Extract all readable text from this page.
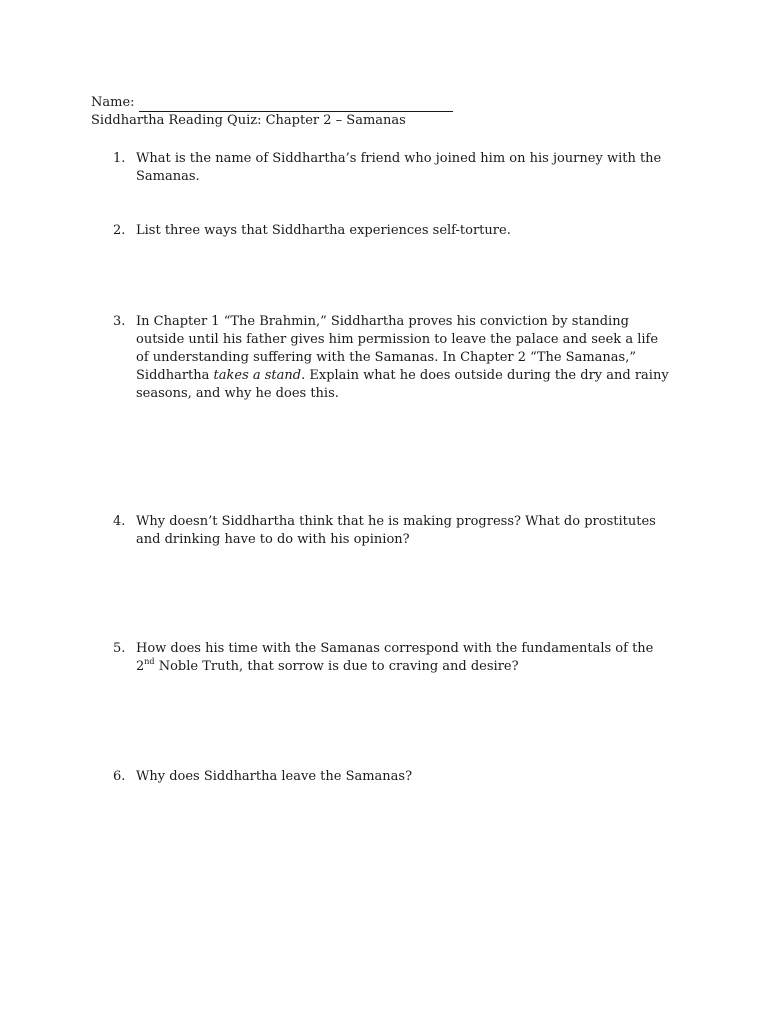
Name:
Siddhartha Reading Quiz: Chapter 2 – Samanas
1. What is the name of Siddhartha’s friend who joined him on his journey with the Samanas.
2. List three ways that Siddhartha experiences self-torture.
3. In Chapter 1 “The Brahmin,” Siddhartha proves his conviction by standing outside until his father gives him permission to leave the palace and seek a life of understanding suffering with the Samanas. In Chapter 2 “The Samanas,” Siddhartha takes a stand. Explain what he does outside during the dry and rainy seasons, and why he does this.
4. Why doesn’t Siddhartha think that he is making progress? What do prostitutes and drinking have to do with his opinion?
5. How does his time with the Samanas correspond with the fundamentals of the 2nd Noble Truth, that sorrow is due to craving and desire?
6. Why does Siddhartha leave the Samanas?
